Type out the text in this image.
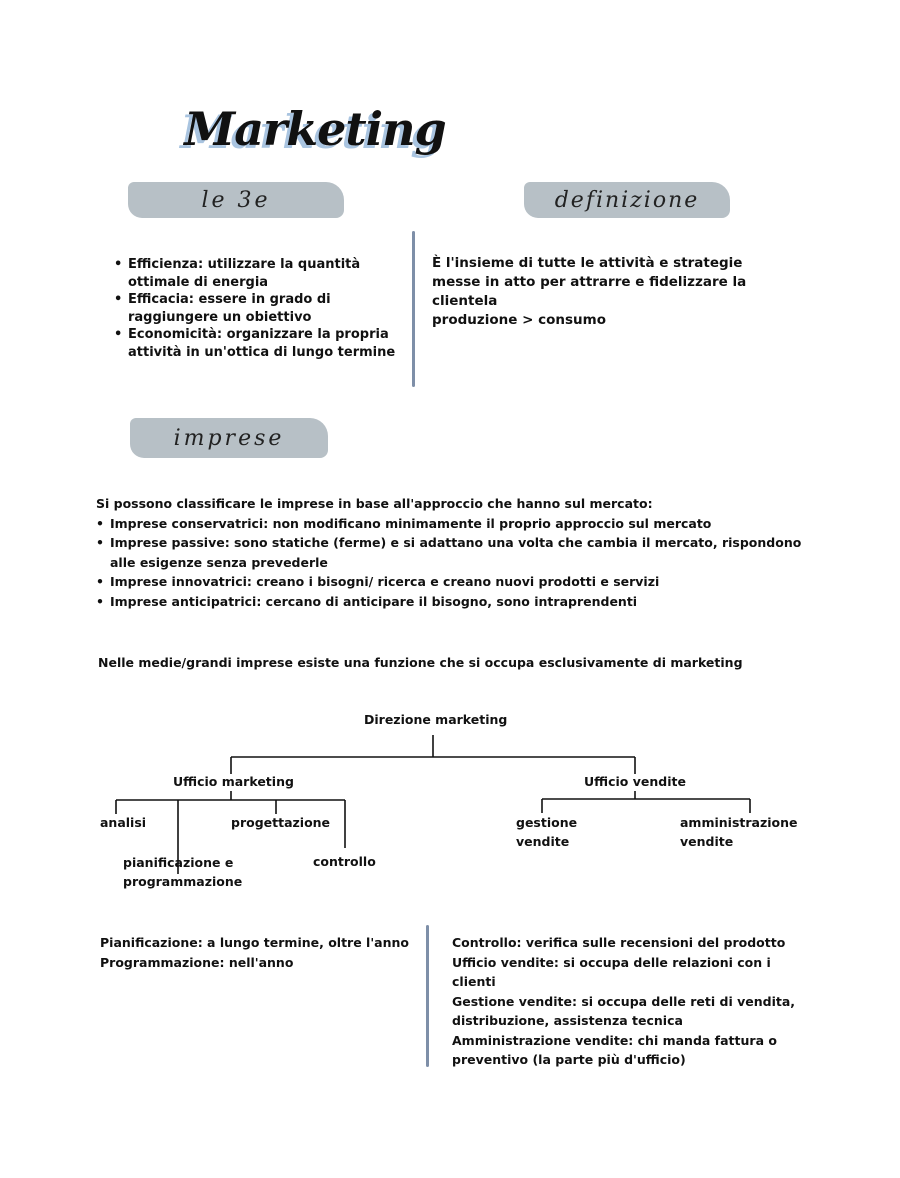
Marketing
le 3e	definizione
• Efficienza: utilizzare la quantità ottimale di energia
• Efficacia: essere in grado di raggiungere un obiettivo
• Economicità: organizzare la propria attività in un'ottica di lungo termine

È l'insieme di tutte le attività e strategie messe in atto per attrarre e fidelizzare la clientela

produzione > consumo

imprese

Si possono classificare le imprese in base all'approccio che hanno sul mercato:

• Imprese conservatrici: non modificano minimamente il proprio approccio sul mercato
• Imprese passive: sono statiche (ferme) e si adattano una volta che cambia il mercato, rispondono alle esigenze senza prevederle
• Imprese innovatrici: creano i bisogni/ ricerca e creano nuovi prodotti e servizi
• Imprese anticipatrici: cercano di anticipare il bisogno, sono intraprendenti
Nelle medie/grandi imprese esiste una funzione che si occupa esclusivamente di marketing
Direzione marketing
Ufficio marketing	Ufficio vendite
analisi	progettazione
pianificazione e programmazione
controllo
gestione vendite
amministrazione vendite

Pianificazione: a lungo termine, oltre l'anno

Programmazione: nell'anno

Controllo: verifica sulle recensioni del prodotto

Ufficio vendite: si occupa delle relazioni con i clienti

Gestione vendite: si occupa delle reti di vendita, distribuzione, assistenza tecnica

Amministrazione vendite: chi manda fattura o preventivo (la parte più d'ufficio)
